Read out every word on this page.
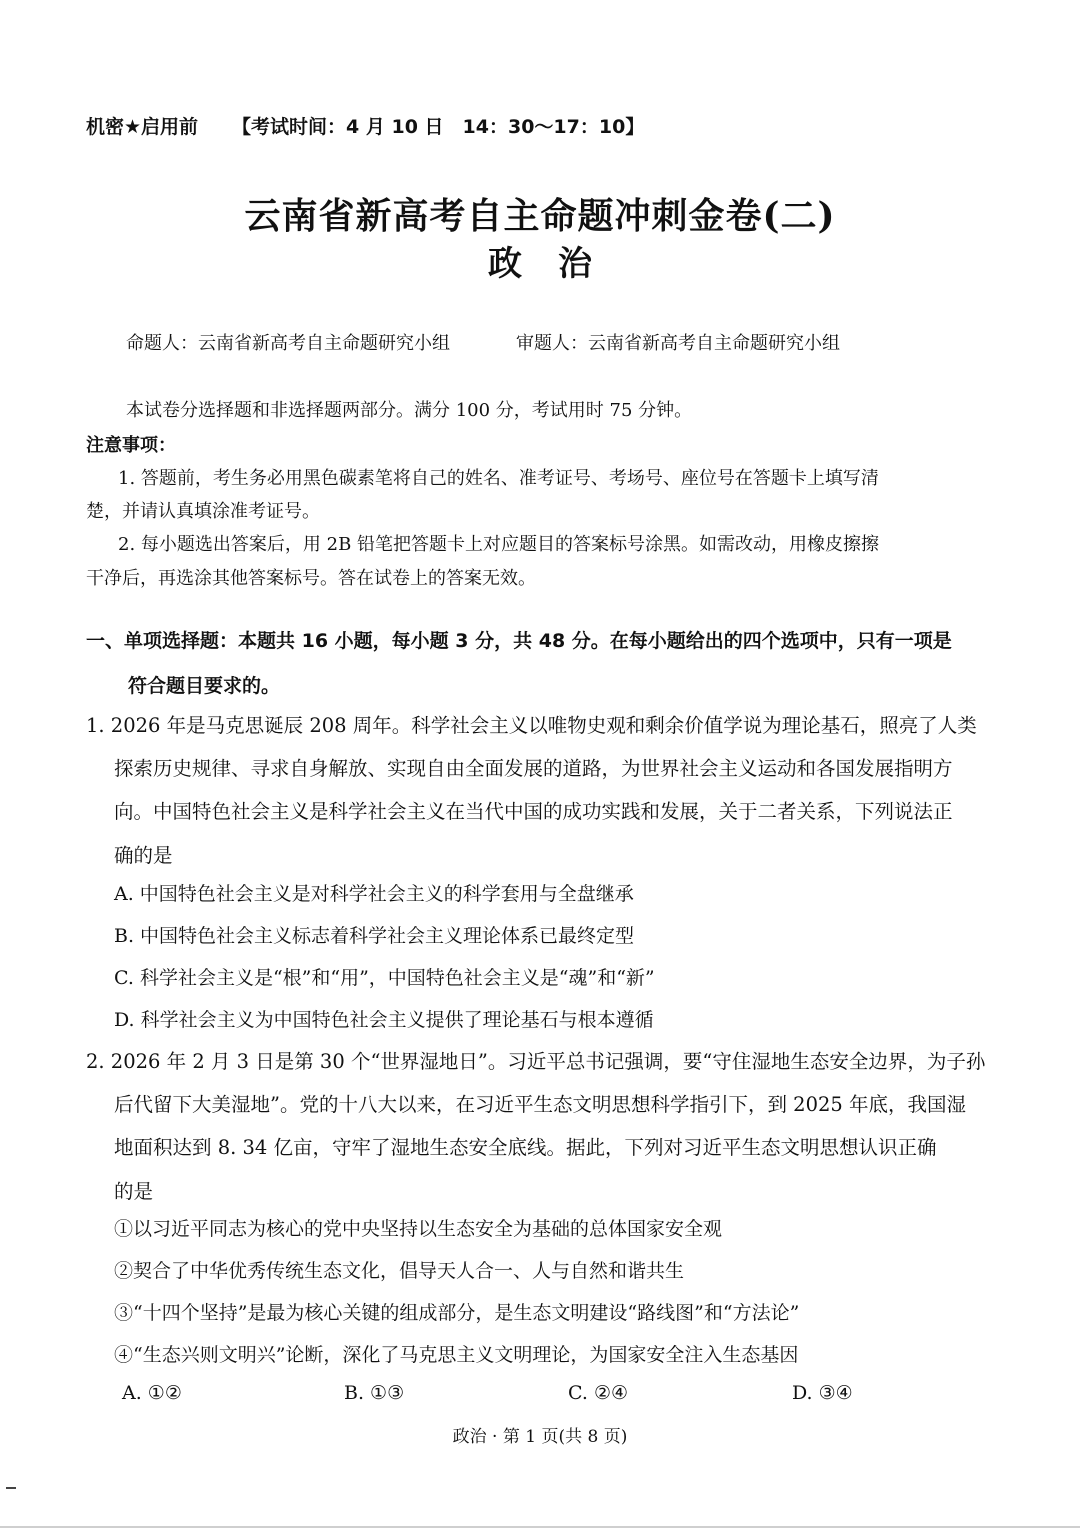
机密★启用前 【考试时间：4 月 10 日　14：30～17：10】
云南省新高考自主命题冲刺金卷(二)
政治
命题人：云南省新高考自主命题研究小组	审题人：云南省新高考自主命题研究小组
本试卷分选择题和非选择题两部分。满分 100 分，考试用时 75 分钟。
注意事项：
1. 答题前，考生务必用黑色碳素笔将自己的姓名、准考证号、考场号、座位号在答题卡上填写清
楚，并请认真填涂准考证号。
2. 每小题选出答案后，用 2B 铅笔把答题卡上对应题目的答案标号涂黑。如需改动，用橡皮擦擦
干净后，再选涂其他答案标号。答在试卷上的答案无效。
一、单项选择题：本题共 16 小题，每小题 3 分，共 48 分。在每小题给出的四个选项中，只有一项是
符合题目要求的。
1. 2026 年是马克思诞辰 208 周年。科学社会主义以唯物史观和剩余价值学说为理论基石，照亮了人类
探索历史规律、寻求自身解放、实现自由全面发展的道路，为世界社会主义运动和各国发展指明方
向。中国特色社会主义是科学社会主义在当代中国的成功实践和发展，关于二者关系，下列说法正
确的是
A. 中国特色社会主义是对科学社会主义的科学套用与全盘继承
B. 中国特色社会主义标志着科学社会主义理论体系已最终定型
C. 科学社会主义是“根”和“用”，中国特色社会主义是“魂”和“新”
D. 科学社会主义为中国特色社会主义提供了理论基石与根本遵循
2. 2026 年 2 月 3 日是第 30 个“世界湿地日”。习近平总书记强调，要“守住湿地生态安全边界，为子孙
后代留下大美湿地”。党的十八大以来，在习近平生态文明思想科学指引下，到 2025 年底，我国湿
地面积达到 8. 34 亿亩，守牢了湿地生态安全底线。据此，下列对习近平生态文明思想认识正确
的是
①以习近平同志为核心的党中央坚持以生态安全为基础的总体国家安全观
②契合了中华优秀传统生态文化，倡导天人合一、人与自然和谐共生
③“十四个坚持”是最为核心关键的组成部分，是生态文明建设“路线图”和“方法论”
④“生态兴则文明兴”论断，深化了马克思主义文明理论，为国家安全注入生态基因
A. ①②	B. ①③	C. ②④	D. ③④
政治 · 第 1 页(共 8 页)
